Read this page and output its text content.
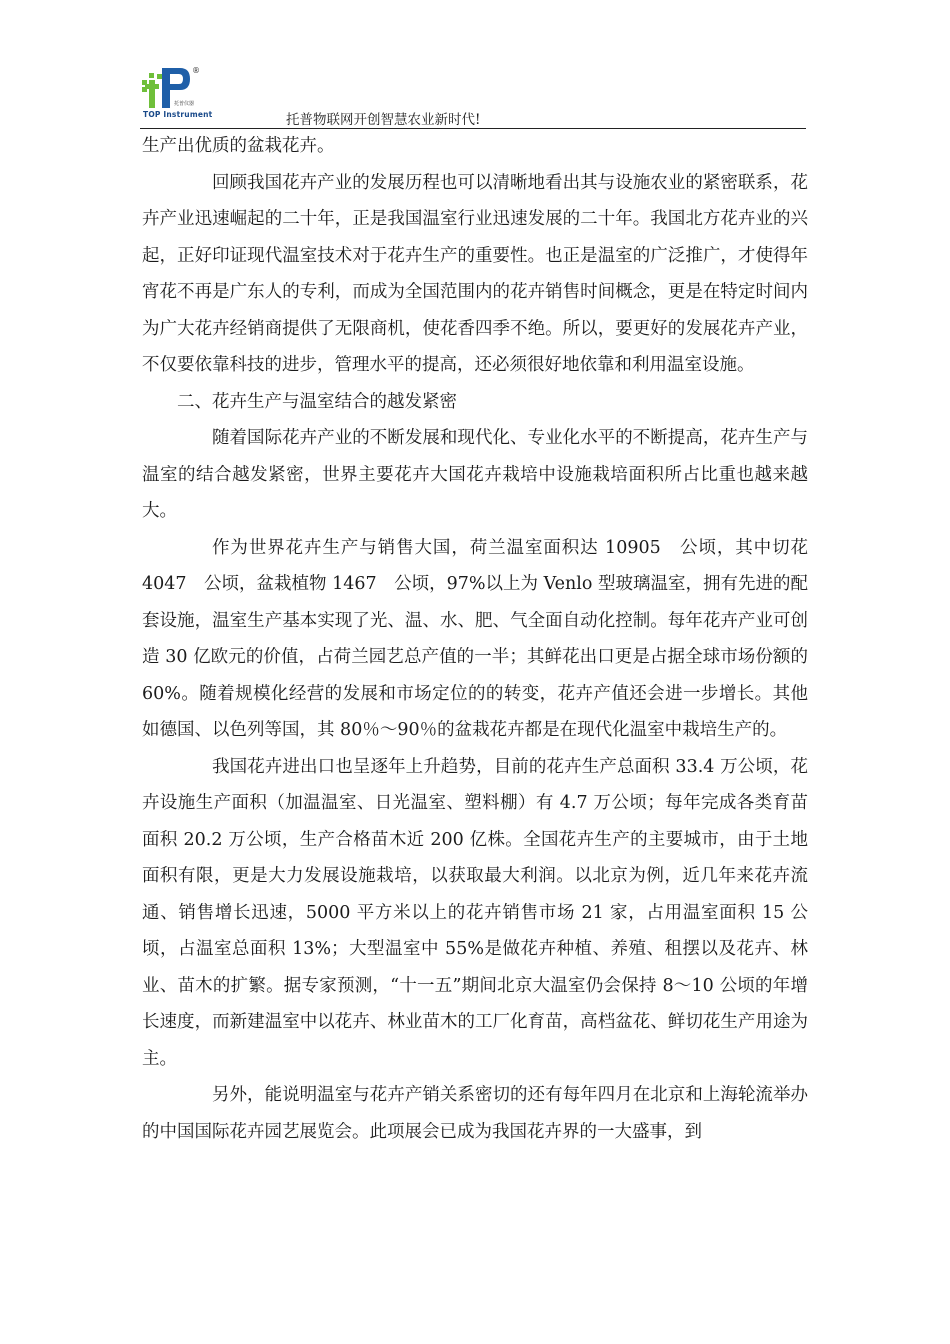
®
托普仪器
TOP Instrument	托普物联网开创智慧农业新时代!

生产出优质的盆栽花卉。

回顾我国花卉产业的发展历程也可以清晰地看出其与设施农业的紧密联系，花卉产业迅速崛起的二十年，正是我国温室行业迅速发展的二十年。我国北方花卉业的兴起，正好印证现代温室技术对于花卉生产的重要性。也正是温室的广泛推广，才使得年宵花不再是广东人的专利，而成为全国范围内的花卉销售时间概念，更是在特定时间内为广大花卉经销商提供了无限商机，使花香四季不绝。所以，要更好的发展花卉产业，不仅要依靠科技的进步，管理水平的提高，还必须很好地依靠和利用温室设施。

二、花卉生产与温室结合的越发紧密

随着国际花卉产业的不断发展和现代化、专业化水平的不断提高，花卉生产与温室的结合越发紧密，世界主要花卉大国花卉栽培中设施栽培面积所占比重也越来越大。

作为世界花卉生产与销售大国，荷兰温室面积达 10905　公顷，其中切花 4047　公顷，盆栽植物 1467　公顷，97%以上为 Venlo 型玻璃温室，拥有先进的配套设施，温室生产基本实现了光、温、水、肥、气全面自动化控制。每年花卉产业可创造 30 亿欧元的价值，占荷兰园艺总产值的一半；其鲜花出口更是占据全球市场份额的 60%。随着规模化经营的发展和市场定位的的转变，花卉产值还会进一步增长。其他如德国、以色列等国，其 80％～90％的盆栽花卉都是在现代化温室中栽培生产的。

我国花卉进出口也呈逐年上升趋势，目前的花卉生产总面积 33.4 万公顷，花卉设施生产面积（加温温室、日光温室、塑料棚）有 4.7 万公顷；每年完成各类育苗面积 20.2 万公顷，生产合格苗木近 200 亿株。全国花卉生产的主要城市，由于土地面积有限，更是大力发展设施栽培，以获取最大利润。以北京为例，近几年来花卉流通、销售增长迅速，5000 平方米以上的花卉销售市场 21 家，占用温室面积 15 公顷，占温室总面积 13%；大型温室中 55%是做花卉种植、养殖、租摆以及花卉、林业、苗木的扩繁。据专家预测，“十一五”期间北京大温室仍会保持 8～10 公顷的年增长速度，而新建温室中以花卉、林业苗木的工厂化育苗，高档盆花、鲜切花生产用途为主。

另外，能说明温室与花卉产销关系密切的还有每年四月在北京和上海轮流举办的中国国际花卉园艺展览会。此项展会已成为我国花卉界的一大盛事，到
